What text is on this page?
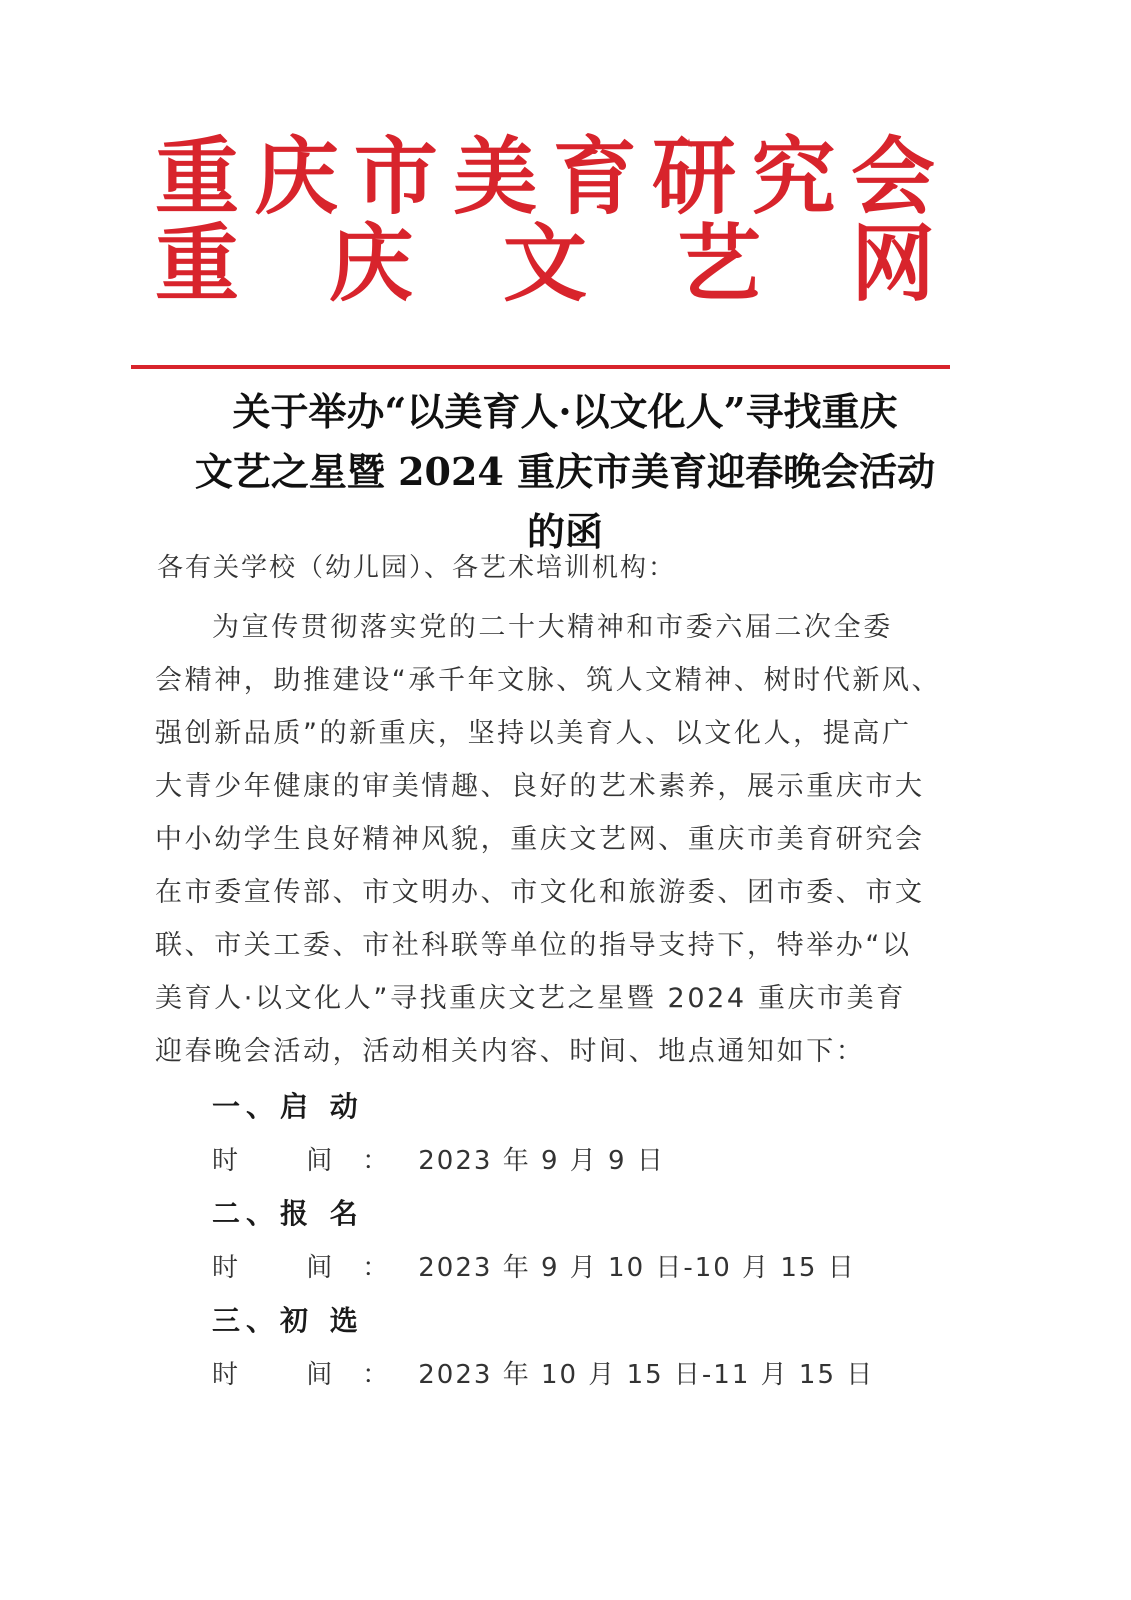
重 庆 市 美 育 研 究 会
重 庆 文 艺 网
关于举办“以美育人·以文化人”寻找重庆
文艺之星暨 2024 重庆市美育迎春晚会活动
的函
各有关学校（幼儿园）、各艺术培训机构：
为宣传贯彻落实党的二十大精神和市委六届二次全委
会精神，助推建设“承千年文脉、筑人文精神、树时代新风、
强创新品质”的新重庆，坚持以美育人、以文化人，提高广
大青少年健康的审美情趣、良好的艺术素养，展示重庆市大
中小幼学生良好精神风貌，重庆文艺网、重庆市美育研究会
在市委宣传部、市文明办、市文化和旅游委、团市委、市文
联、市关工委、市社科联等单位的指导支持下，特举办“以
美育人·以文化人”寻找重庆文艺之星暨 2024 重庆市美育
迎春晚会活动，活动相关内容、时间、地点通知如下：
一、启 动
时 间：2023 年 9 月 9 日
二、报 名
时 间：2023 年 9 月 10 日-10 月 15 日
三、初 选
时 间：2023 年 10 月 15 日-11 月 15 日
